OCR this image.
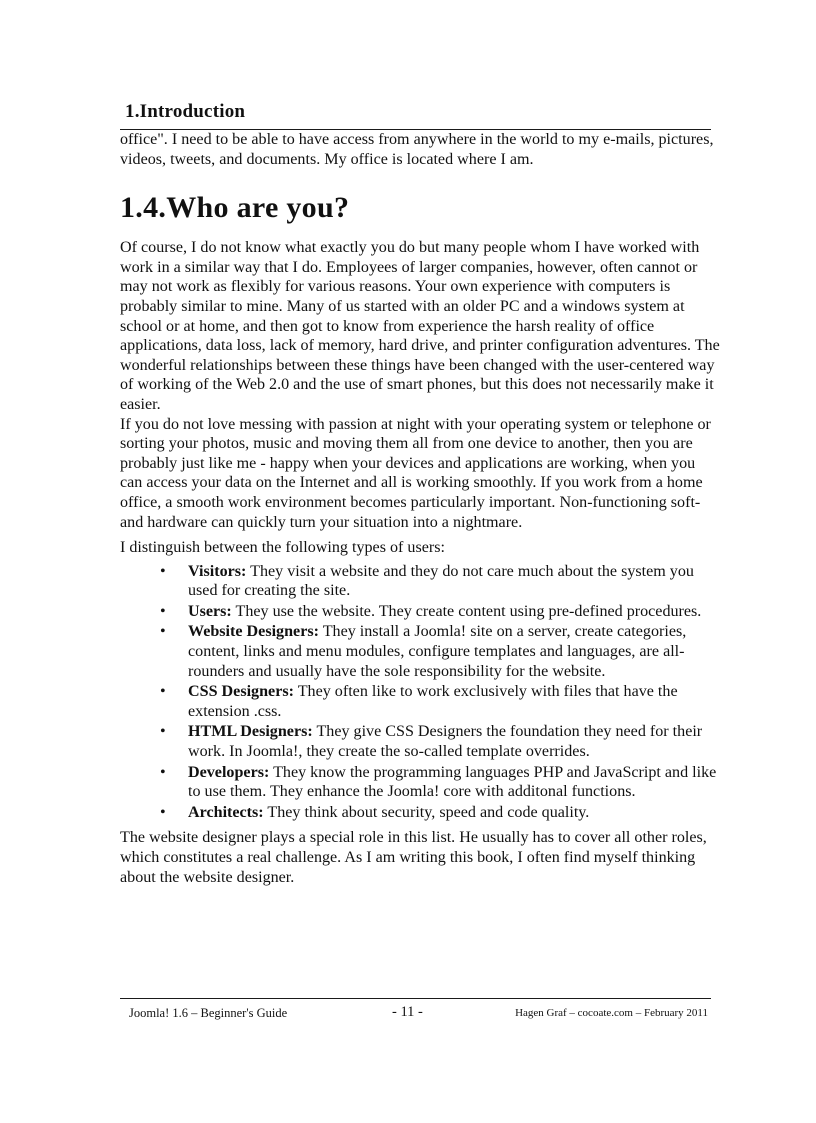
1.Introduction

office". I need to be able to have access from anywhere in the world to my e-mails, pictures, videos, tweets, and documents. My office is located where I am.

1.4.Who are you?

Of course, I do not know what exactly you do but many people whom I have worked with work in a similar way that I do. Employees of larger companies, however, often cannot or may not work as flexibly for various reasons. Your own experience with computers is probably similar to mine. Many of us started with an older PC and a windows system at school or at home, and then got to know from experience the harsh reality of office applications, data loss, lack of memory, hard drive, and printer configuration adventures. The wonderful relationships between these things have been changed with the user-centered way of working of the Web 2.0 and the use of smart phones, but this does not necessarily make it easier.

If you do not love messing with passion at night with your operating system or telephone or sorting your photos, music and moving them all from one device to another, then you are probably just like me - happy when your devices and applications are working, when you can access your data on the Internet and all is working smoothly. If you work from a home office, a smooth work environment becomes particularly important. Non-functioning soft- and hardware can quickly turn your situation into a nightmare.

I distinguish between the following types of users:

• Visitors: They visit a website and they do not care much about the system you used for creating the site.
• Users: They use the website. They create content using pre-defined procedures.
• Website Designers: They install a Joomla! site on a server, create categories, content, links and menu modules, configure templates and languages, are all-rounders and usually have the sole responsibility for the website.
• CSS Designers: They often like to work exclusively with files that have the extension .css.
• HTML Designers: They give CSS Designers the foundation they need for their work. In Joomla!, they create the so-called template overrides.
• Developers: They know the programming languages PHP and JavaScript and like to use them. They enhance the Joomla! core with additonal functions.
• Architects: They think about security, speed and code quality.

The website designer plays a special role in this list. He usually has to cover all other roles, which constitutes a real challenge. As I am writing this book, I often find myself thinking about the website designer.

Joomla! 1.6 – Beginner's Guide	- 11 -	Hagen Graf – cocoate.com – February 2011
